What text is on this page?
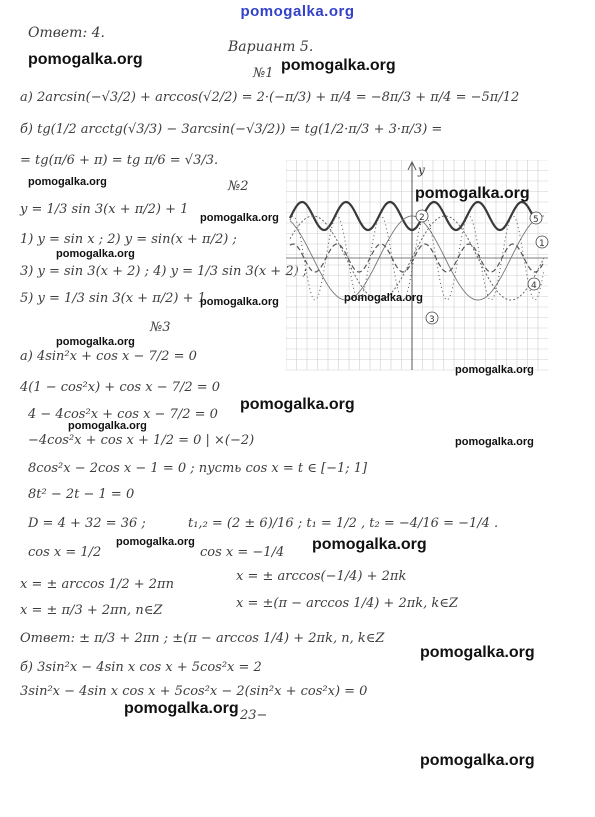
pomogalka.org
Ответ: 4.
Вариант 5.
№1
а) 2arcsin(−√3/2) + arccos(√2/2) = 2·(−π/3) + π/4 = −8π/3 + π/4 = −5π/12
б) tg(1/2 arcctg(√3/3) − 3arcsin(−√3/2)) = tg(1/2·π/3 + 3·π/3) =
= tg(π/6 + π) = tg π/6 = √3/3.
№2
y = 1/3 sin 3(x + π/2) + 1
1) y = sin x ; 2) y = sin(x + π/2) ;
3) y = sin 3(x + 2) ; 4) y = 1/3 sin 3(x + 2) ;
5) y = 1/3 sin 3(x + π/2) + 1
№3
а) 4sin²x + cos x − 7/2 = 0
4(1 − cos²x) + cos x − 7/2 = 0
4 − 4cos²x + cos x − 7/2 = 0
−4cos²x + cos x + 1/2 = 0 | ×(−2)
8cos²x − 2cos x − 1 = 0 ; пусть cos x = t ∈ [−1; 1]
8t² − 2t − 1 = 0
D = 4 + 32 = 36 ;	t₁,₂ = (2 ± 6)/16 ; t₁ = 1/2 , t₂ = −4/16 = −1/4 .
cos x = 1/2	cos x = −1/4
x = ± arccos 1/2 + 2πn
x = ± arccos(−1/4) + 2πk
x = ± π/3 + 2πn, n∈Z	x = ±(π − arccos 1/4) + 2πk, k∈Z
Ответ: ± π/3 + 2πn ; ±(π − arccos 1/4) + 2πk, n, k∈Z
б) 3sin²x − 4sin x cos x + 5cos²x = 2
3sin²x − 4sin x cos x + 5cos²x − 2(sin²x + cos²x) = 0
23−
y
1
2
3
4
5
pomogalka.org	pomogalka.org
pomogalka.org
pomogalka.org
pomogalka.org
pomogalka.org
pomogalka.org
pomogalka.org
pomogalka.org
pomogalka.org
pomogalka.org
pomogalka.org
pomogalka.org
pomogalka.org	pomogalka.org
pomogalka.org
pomogalka.org
pomogalka.org
